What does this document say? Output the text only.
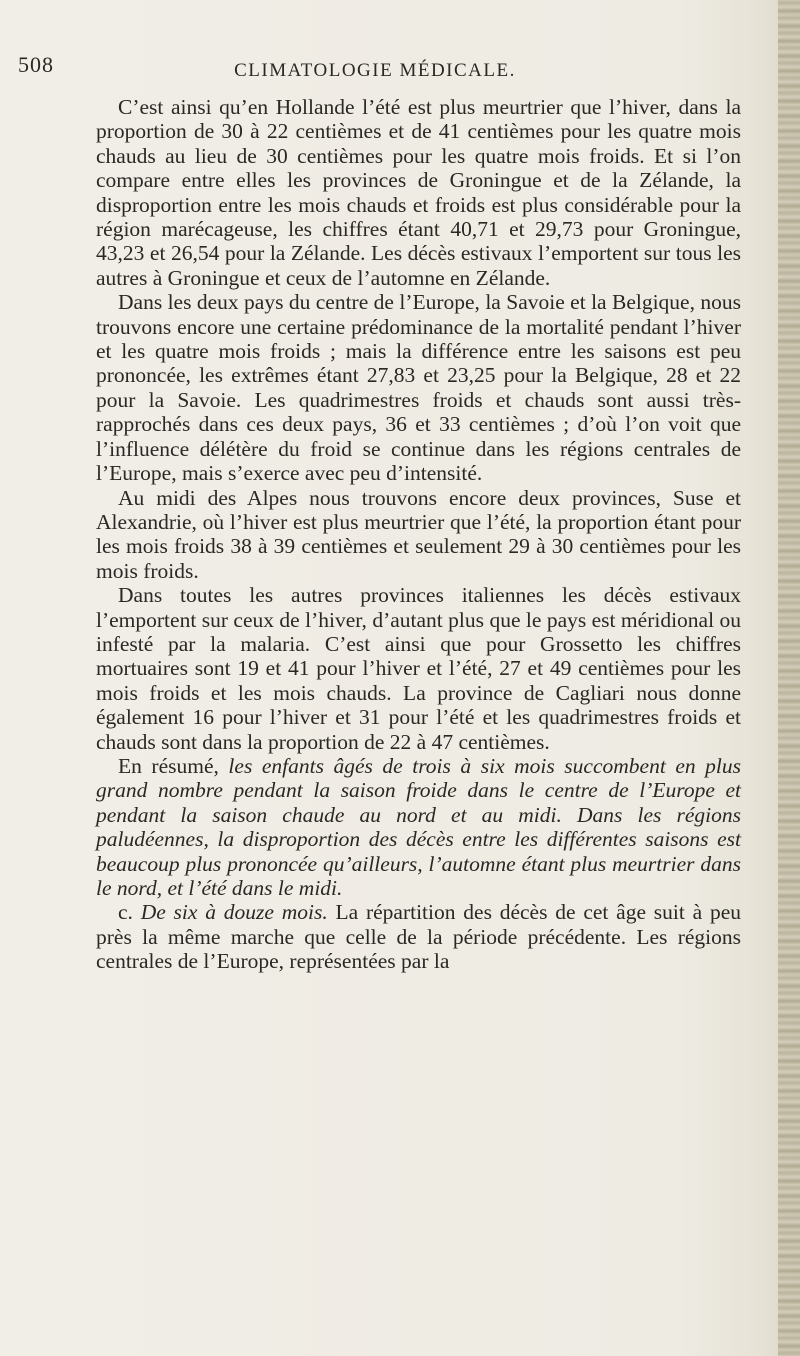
508	CLIMATOLOGIE MÉDICALE.

C’est ainsi qu’en Hollande l’été est plus meurtrier que l’hiver, dans la proportion de 30 à 22 centièmes et de 41 centièmes pour les quatre mois chauds au lieu de 30 centièmes pour les quatre mois froids. Et si l’on compare entre elles les provinces de Groningue et de la Zélande, la disproportion entre les mois chauds et froids est plus considérable pour la région marécageuse, les chiffres étant 40,71 et 29,73 pour Groningue, 43,23 et 26,54 pour la Zélande. Les décès estivaux l’emportent sur tous les autres à Groningue et ceux de l’automne en Zélande.

Dans les deux pays du centre de l’Europe, la Savoie et la Belgique, nous trouvons encore une certaine prédominance de la mortalité pendant l’hiver et les quatre mois froids ; mais la différence entre les saisons est peu prononcée, les extrêmes étant 27,83 et 23,25 pour la Belgique, 28 et 22 pour la Savoie. Les quadrimestres froids et chauds sont aussi très-rapprochés dans ces deux pays, 36 et 33 centièmes ; d’où l’on voit que l’influence délétère du froid se continue dans les régions centrales de l’Europe, mais s’exerce avec peu d’intensité.

Au midi des Alpes nous trouvons encore deux provinces, Suse et Alexandrie, où l’hiver est plus meurtrier que l’été, la proportion étant pour les mois froids 38 à 39 centièmes et seulement 29 à 30 centièmes pour les mois froids.

Dans toutes les autres provinces italiennes les décès estivaux l’emportent sur ceux de l’hiver, d’autant plus que le pays est méridional ou infesté par la malaria. C’est ainsi que pour Grossetto les chiffres mortuaires sont 19 et 41 pour l’hiver et l’été, 27 et 49 centièmes pour les mois froids et les mois chauds. La province de Cagliari nous donne également 16 pour l’hiver et 31 pour l’été et les quadrimestres froids et chauds sont dans la proportion de 22 à 47 centièmes.

En résumé, les enfants âgés de trois à six mois succombent en plus grand nombre pendant la saison froide dans le centre de l’Europe et pendant la saison chaude au nord et au midi. Dans les régions paludéennes, la disproportion des décès entre les différentes saisons est beaucoup plus prononcée qu’ailleurs, l’automne étant plus meurtrier dans le nord, et l’été dans le midi.

c. De six à douze mois. La répartition des décès de cet âge suit à peu près la même marche que celle de la période précédente. Les régions centrales de l’Europe, représentées par la
